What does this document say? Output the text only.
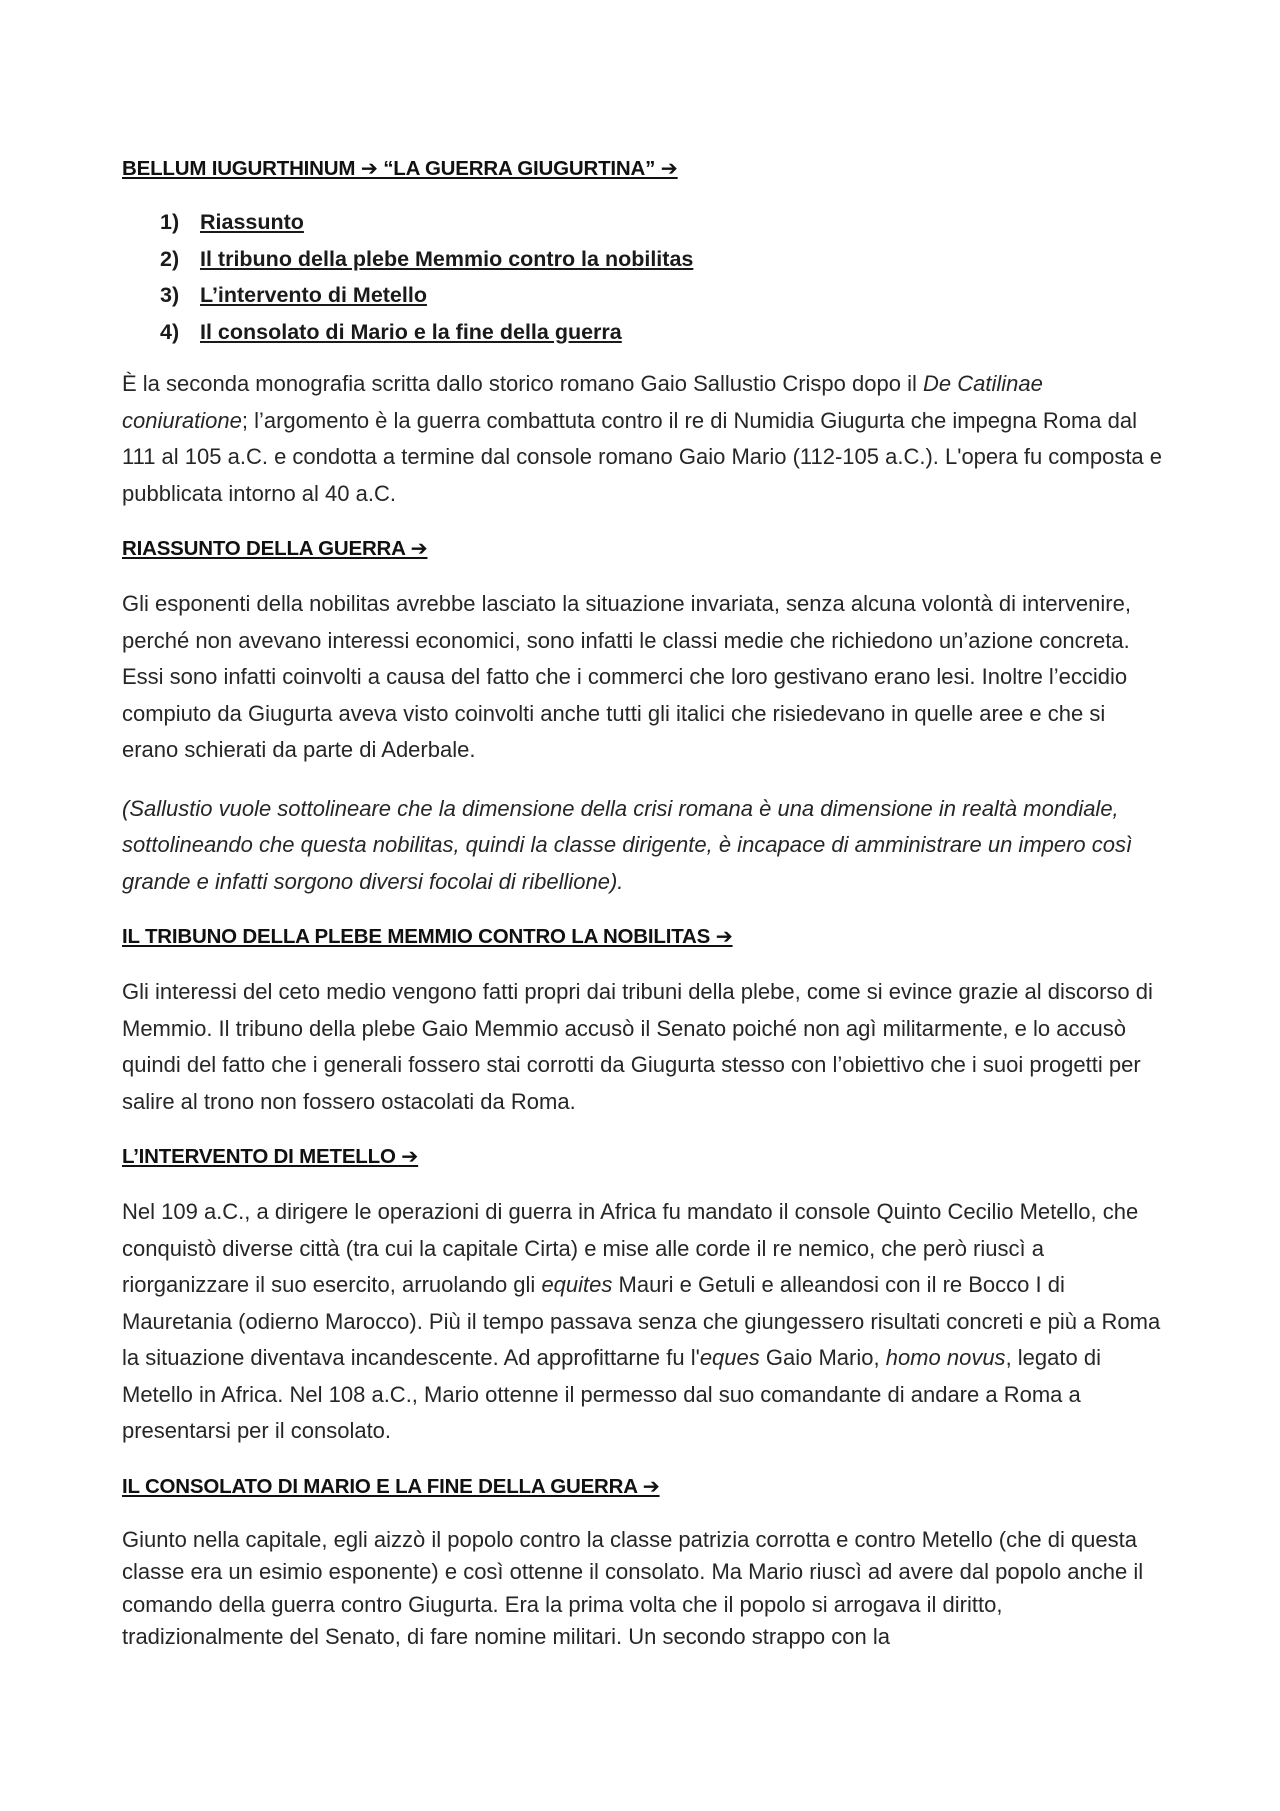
BELLUM IUGURTHINUM ➔ “LA GUERRA GIUGURTINA” ➔
1) Riassunto
2) Il tribuno della plebe Memmio contro la nobilitas
3) L’intervento di Metello
4) Il consolato di Mario e la fine della guerra

È la seconda monografia scritta dallo storico romano Gaio Sallustio Crispo dopo il De Catilinae coniuratione; l’argomento è la guerra combattuta contro il re di Numidia Giugurta che impegna Roma dal 111 al 105 a.C. e condotta a termine dal console romano Gaio Mario (112-105 a.C.). L'opera fu composta e pubblicata intorno al 40 a.C.

RIASSUNTO DELLA GUERRA ➔

Gli esponenti della nobilitas avrebbe lasciato la situazione invariata, senza alcuna volontà di intervenire, perché non avevano interessi economici, sono infatti le classi medie che richiedono un’azione concreta. Essi sono infatti coinvolti a causa del fatto che i commerci che loro gestivano erano lesi. Inoltre l’eccidio compiuto da Giugurta aveva visto coinvolti anche tutti gli italici che risiedevano in quelle aree e che si erano schierati da parte di Aderbale.

(Sallustio vuole sottolineare che la dimensione della crisi romana è una dimensione in realtà mondiale, sottolineando che questa nobilitas, quindi la classe dirigente, è incapace di amministrare un impero così grande e infatti sorgono diversi focolai di ribellione).

IL TRIBUNO DELLA PLEBE MEMMIO CONTRO LA NOBILITAS ➔

Gli interessi del ceto medio vengono fatti propri dai tribuni della plebe, come si evince grazie al discorso di Memmio. Il tribuno della plebe Gaio Memmio accusò il Senato poiché non agì militarmente, e lo accusò quindi del fatto che i generali fossero stai corrotti da Giugurta stesso con l’obiettivo che i suoi progetti per salire al trono non fossero ostacolati da Roma.

L’INTERVENTO DI METELLO ➔

Nel 109 a.C., a dirigere le operazioni di guerra in Africa fu mandato il console Quinto Cecilio Metello, che conquistò diverse città (tra cui la capitale Cirta) e mise alle corde il re nemico, che però riuscì a riorganizzare il suo esercito, arruolando gli equites Mauri e Getuli e alleandosi con il re Bocco I di Mauretania (odierno Marocco). Più il tempo passava senza che giungessero risultati concreti e più a Roma la situazione diventava incandescente. Ad approfittarne fu l'eques Gaio Mario, homo novus, legato di Metello in Africa. Nel 108 a.C., Mario ottenne il permesso dal suo comandante di andare a Roma a presentarsi per il consolato.

IL CONSOLATO DI MARIO E LA FINE DELLA GUERRA ➔

Giunto nella capitale, egli aizzò il popolo contro la classe patrizia corrotta e contro Metello (che di questa classe era un esimio esponente) e così ottenne il consolato. Ma Mario riuscì ad avere dal popolo anche il comando della guerra contro Giugurta. Era la prima volta che il popolo si arrogava il diritto, tradizionalmente del Senato, di fare nomine militari. Un secondo strappo con la
